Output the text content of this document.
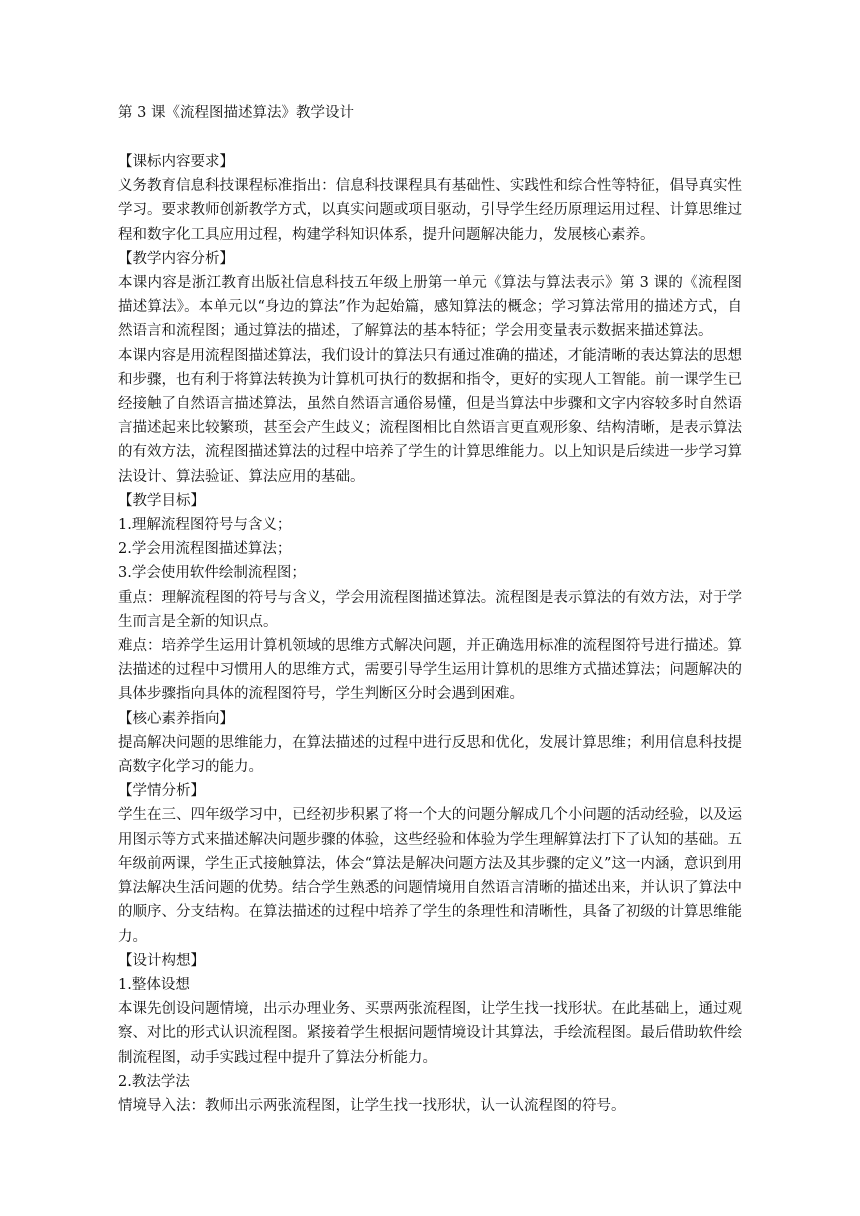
第 3 课《流程图描述算法》教学设计

【课标内容要求】

义务教育信息科技课程标准指出：信息科技课程具有基础性、实践性和综合性等特征，倡导真实性学习。要求教师创新教学方式，以真实问题或项目驱动，引导学生经历原理运用过程、计算思维过程和数字化工具应用过程，构建学科知识体系，提升问题解决能力，发展核心素养。

【教学内容分析】

本课内容是浙江教育出版社信息科技五年级上册第一单元《算法与算法表示》第 3 课的《流程图描述算法》。本单元以“身边的算法”作为起始篇，感知算法的概念；学习算法常用的描述方式，自然语言和流程图；通过算法的描述，了解算法的基本特征；学会用变量表示数据来描述算法。

本课内容是用流程图描述算法，我们设计的算法只有通过准确的描述，才能清晰的表达算法的思想和步骤，也有利于将算法转换为计算机可执行的数据和指令，更好的实现人工智能。前一课学生已经接触了自然语言描述算法，虽然自然语言通俗易懂，但是当算法中步骤和文字内容较多时自然语言描述起来比较繁琐，甚至会产生歧义；流程图相比自然语言更直观形象、结构清晰，是表示算法的有效方法，流程图描述算法的过程中培养了学生的计算思维能力。以上知识是后续进一步学习算法设计、算法验证、算法应用的基础。

【教学目标】

1.理解流程图符号与含义；

2.学会用流程图描述算法；

3.学会使用软件绘制流程图；

重点：理解流程图的符号与含义，学会用流程图描述算法。流程图是表示算法的有效方法，对于学生而言是全新的知识点。

难点：培养学生运用计算机领域的思维方式解决问题，并正确选用标准的流程图符号进行描述。算法描述的过程中习惯用人的思维方式，需要引导学生运用计算机的思维方式描述算法；问题解决的具体步骤指向具体的流程图符号，学生判断区分时会遇到困难。

【核心素养指向】

提高解决问题的思维能力，在算法描述的过程中进行反思和优化，发展计算思维；利用信息科技提高数字化学习的能力。

【学情分析】

学生在三、四年级学习中，已经初步积累了将一个大的问题分解成几个小问题的活动经验，以及运用图示等方式来描述解决问题步骤的体验，这些经验和体验为学生理解算法打下了认知的基础。五年级前两课，学生正式接触算法，体会“算法是解决问题方法及其步骤的定义”这一内涵，意识到用算法解决生活问题的优势。结合学生熟悉的问题情境用自然语言清晰的描述出来，并认识了算法中的顺序、分支结构。在算法描述的过程中培养了学生的条理性和清晰性，具备了初级的计算思维能力。

【设计构想】

1.整体设想

本课先创设问题情境，出示办理业务、买票两张流程图，让学生找一找形状。在此基础上，通过观察、对比的形式认识流程图。紧接着学生根据问题情境设计其算法，手绘流程图。最后借助软件绘制流程图，动手实践过程中提升了算法分析能力。

2.教法学法

情境导入法：教师出示两张流程图，让学生找一找形状，认一认流程图的符号。
